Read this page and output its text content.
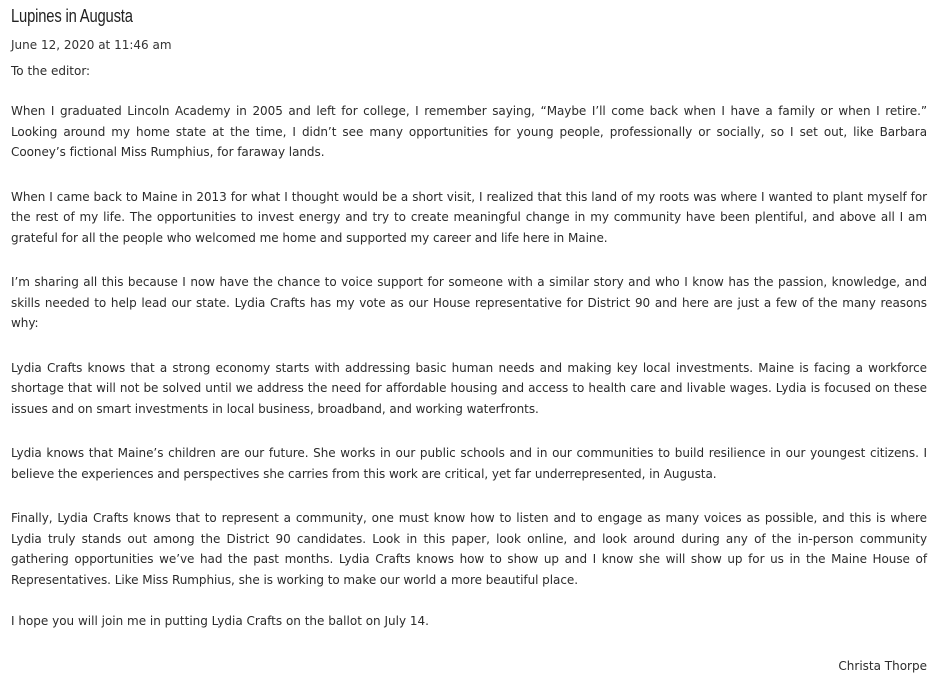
Lupines in Augusta
June 12, 2020 at 11:46 am
To the editor:

When I graduated Lincoln Academy in 2005 and left for college, I remember saying, “Maybe I’ll come back when I have a family or when I retire.” Looking around my home state at the time, I didn’t see many opportunities for young people, professionally or socially, so I set out, like Barbara Cooney’s fictional Miss Rumphius, for faraway lands.

When I came back to Maine in 2013 for what I thought would be a short visit, I realized that this land of my roots was where I wanted to plant myself for the rest of my life. The opportunities to invest energy and try to create meaningful change in my community have been plentiful, and above all I am grateful for all the people who welcomed me home and supported my career and life here in Maine.

I’m sharing all this because I now have the chance to voice support for someone with a similar story and who I know has the passion, knowledge, and skills needed to help lead our state. Lydia Crafts has my vote as our House representative for District 90 and here are just a few of the many reasons why:

Lydia Crafts knows that a strong economy starts with addressing basic human needs and making key local investments. Maine is facing a workforce shortage that will not be solved until we address the need for affordable housing and access to health care and livable wages. Lydia is focused on these issues and on smart investments in local business, broadband, and working waterfronts.

Lydia knows that Maine’s children are our future. She works in our public schools and in our communities to build resilience in our youngest citizens. I believe the experiences and perspectives she carries from this work are critical, yet far underrepresented, in Augusta.

Finally, Lydia Crafts knows that to represent a community, one must know how to listen and to engage as many voices as possible, and this is where Lydia truly stands out among the District 90 candidates. Look in this paper, look online, and look around during any of the in-person community gathering opportunities we’ve had the past months. Lydia Crafts knows how to show up and I know she will show up for us in the Maine House of Representatives. Like Miss Rumphius, she is working to make our world a more beautiful place.

I hope you will join me in putting Lydia Crafts on the ballot on July 14.
Christa Thorpe
